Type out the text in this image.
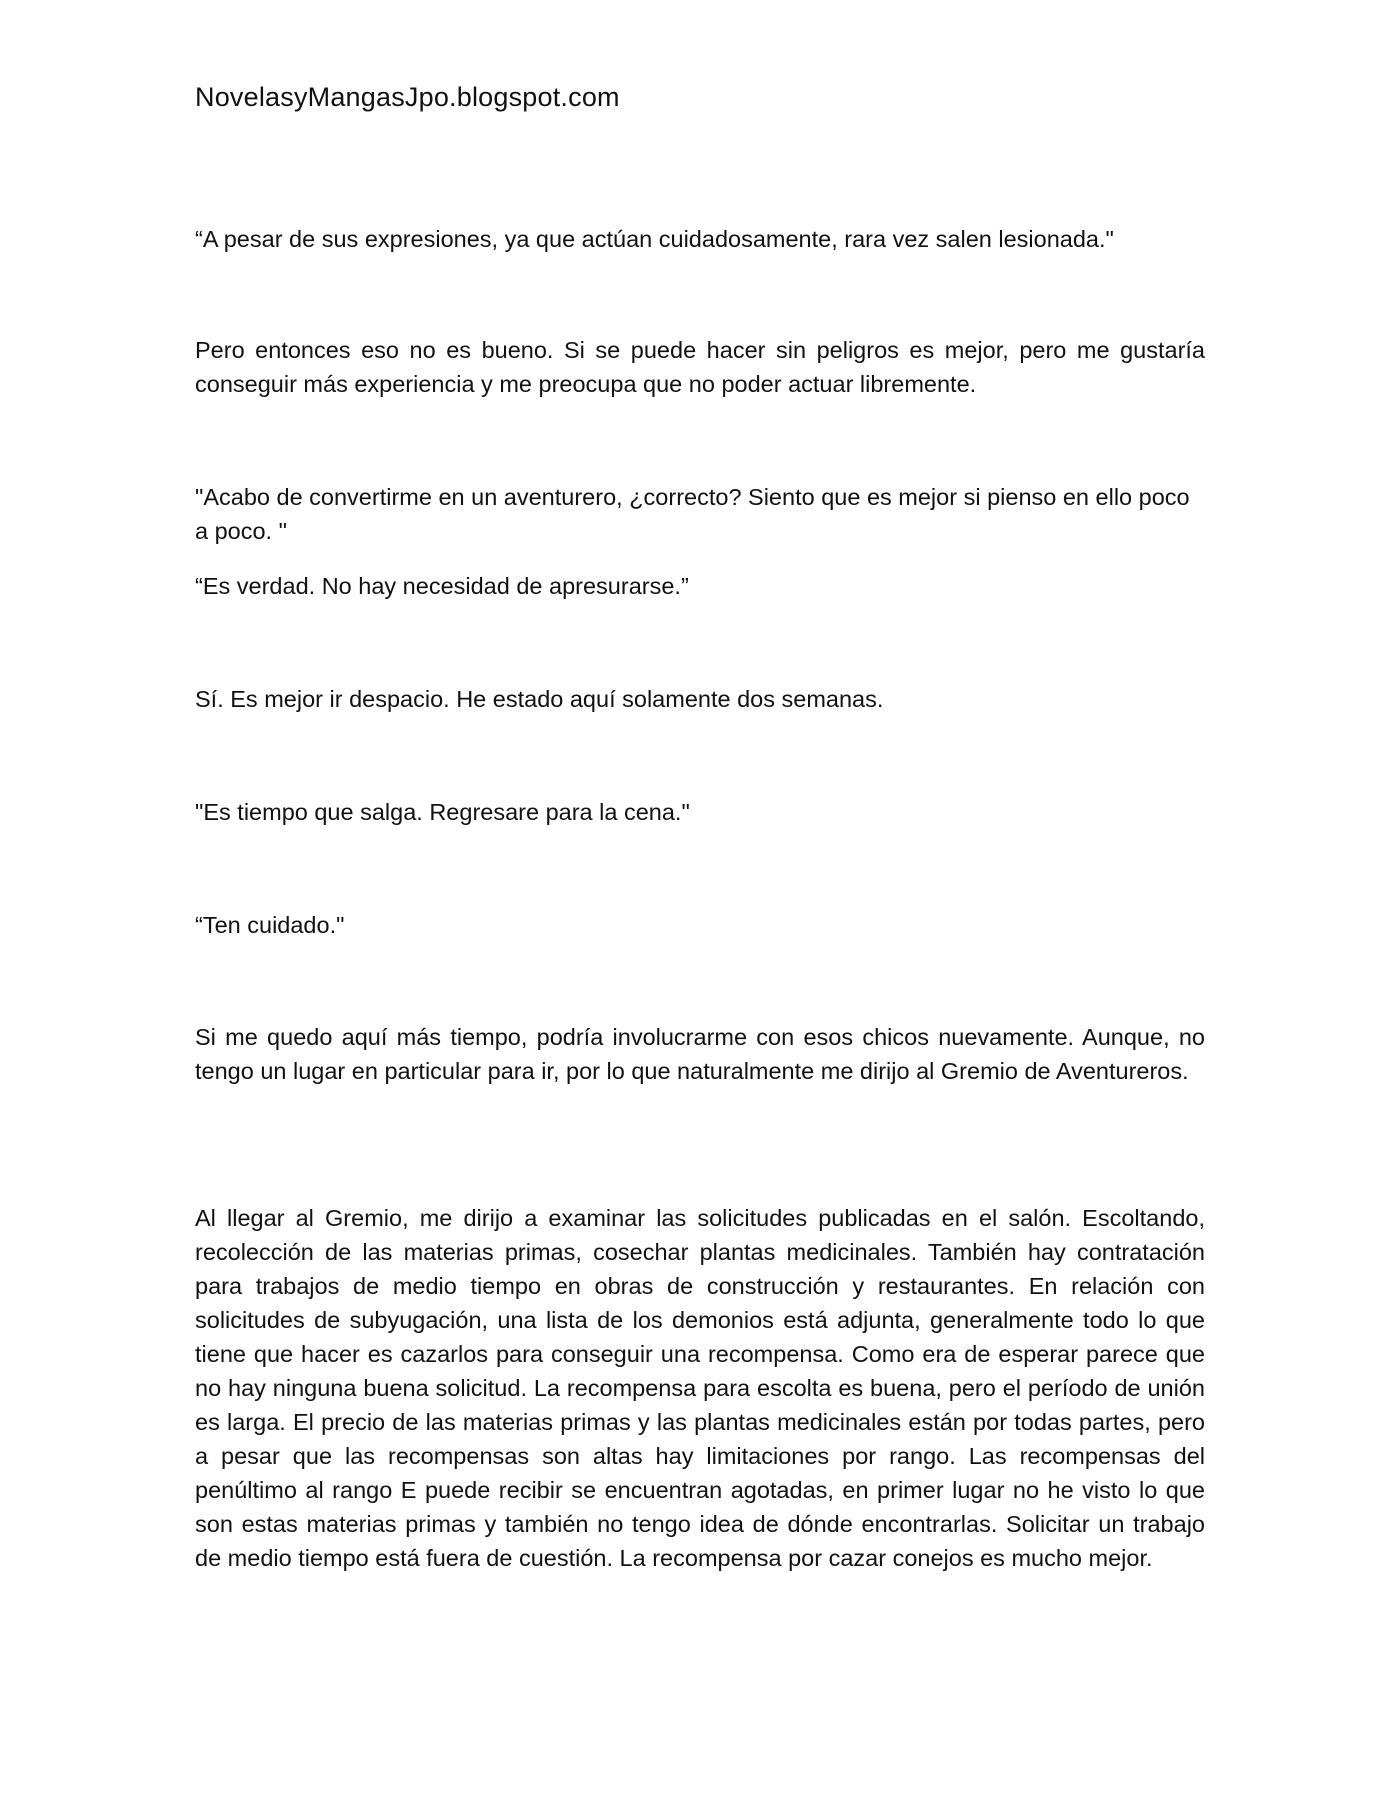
NovelasyMangasJpo.blogspot.com

“A pesar de sus expresiones, ya que actúan cuidadosamente, rara vez salen lesionada."

Pero entonces eso no es bueno. Si se puede hacer sin peligros es mejor, pero me gustaría conseguir más experiencia y me preocupa que no poder actuar libremente.

"Acabo de convertirme en un aventurero, ¿correcto? Siento que es mejor si pienso en ello poco a poco. "

“Es verdad. No hay necesidad de apresurarse.”

Sí. Es mejor ir despacio. He estado aquí solamente dos semanas.

"Es tiempo que salga. Regresare para la cena."

“Ten cuidado."

Si me quedo aquí más tiempo, podría involucrarme con esos chicos nuevamente. Aunque, no tengo un lugar en particular para ir, por lo que naturalmente me dirijo al Gremio de Aventureros.

Al llegar al Gremio, me dirijo a examinar las solicitudes publicadas en el salón. Escoltando, recolección de las materias primas, cosechar plantas medicinales. También hay contratación para trabajos de medio tiempo en obras de construcción y restaurantes. En relación con solicitudes de subyugación, una lista de los demonios está adjunta, generalmente todo lo que tiene que hacer es cazarlos para conseguir una recompensa. Como era de esperar parece que no hay ninguna buena solicitud. La recompensa para escolta es buena, pero el período de unión es larga. El precio de las materias primas y las plantas medicinales están por todas partes, pero a pesar que las recompensas son altas hay limitaciones por rango. Las recompensas del penúltimo al rango E puede recibir se encuentran agotadas, en primer lugar no he visto lo que son estas materias primas y también no tengo idea de dónde encontrarlas. Solicitar un trabajo de medio tiempo está fuera de cuestión. La recompensa por cazar conejos es mucho mejor.
